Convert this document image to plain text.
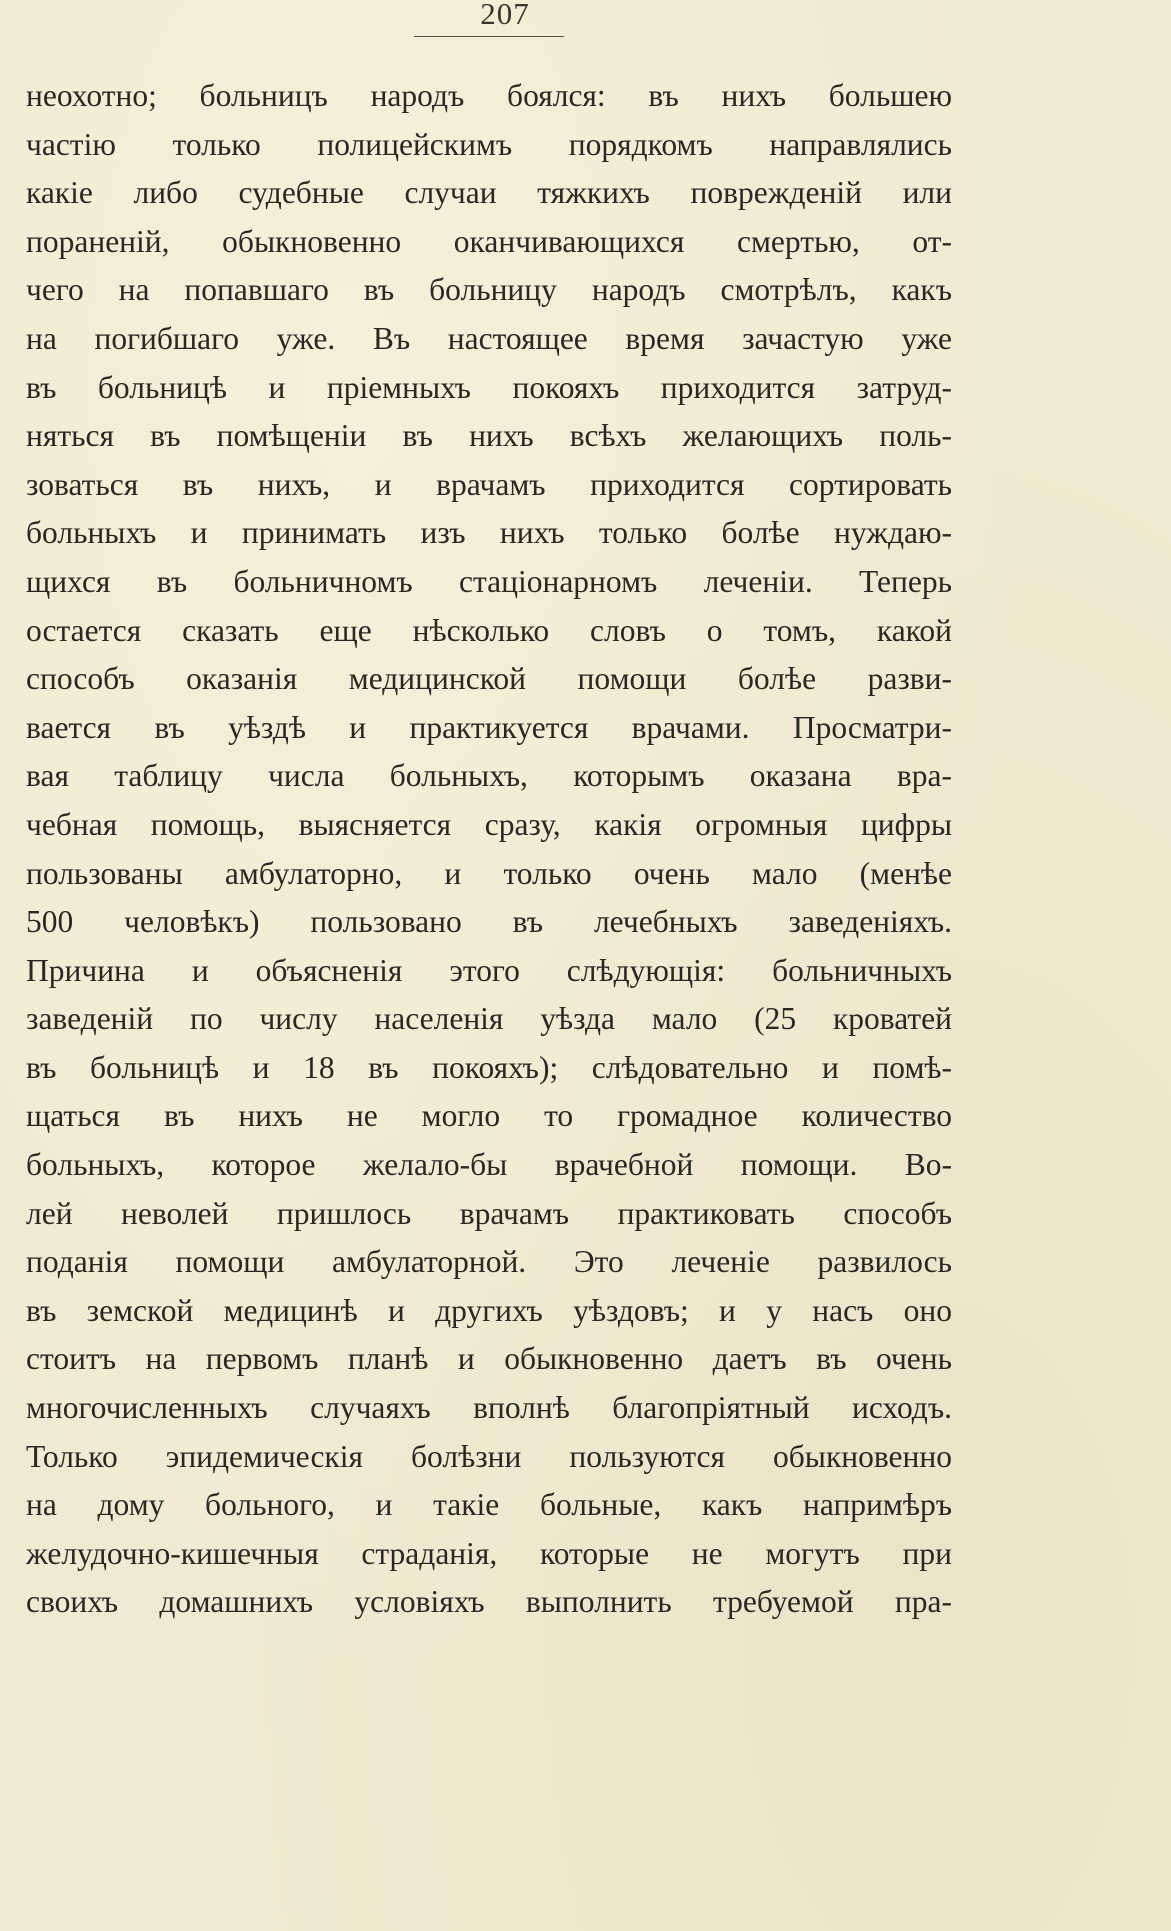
207
неохотно; больницъ народъ боялся: въ нихъ большею
частію только полицейскимъ порядкомъ направлялись
какіе либо судебные случаи тяжкихъ поврежденій или
пораненій, обыкновенно оканчивающихся смертью, от-
чего на попавшаго въ больницу народъ смотрѣлъ, какъ
на погибшаго уже. Въ настоящее время зачастую уже
въ больницѣ и пріемныхъ покояхъ приходится затруд-
няться въ помѣщеніи въ нихъ всѣхъ желающихъ поль-
зоваться въ нихъ, и врачамъ приходится сортировать
больныхъ и принимать изъ нихъ только болѣе нуждаю-
щихся въ больничномъ стаціонарномъ леченіи. Теперь
остается сказать еще нѣсколько словъ о томъ, какой
способъ оказанія медицинской помощи болѣе разви-
вается въ уѣздѣ и практикуется врачами. Просматри-
вая таблицу числа больныхъ, которымъ оказана вра-
чебная помощь, выясняется сразу, какія огромныя цифры
пользованы амбулаторно, и только очень мало (менѣе
500 человѣкъ) пользовано въ лечебныхъ заведеніяхъ.
Причина и объясненія этого слѣдующія: больничныхъ
заведеній по числу населенія уѣзда мало (25 кроватей
въ больницѣ и 18 въ покояхъ); слѣдовательно и помѣ-
щаться въ нихъ не могло то громадное количество
больныхъ, которое желало-бы врачебной помощи. Во-
лей неволей пришлось врачамъ практиковать способъ
поданія помощи амбулаторной. Это леченіе развилось
въ земской медицинѣ и другихъ уѣздовъ; и у насъ оно
стоитъ на первомъ планѣ и обыкновенно даетъ въ очень
многочисленныхъ случаяхъ вполнѣ благопріятный исходъ.
Только эпидемическія болѣзни пользуются обыкновенно
на дому больного, и такіе больные, какъ напримѣръ
желудочно-кишечныя страданія, которые не могутъ при
своихъ домашнихъ условіяхъ выполнить требуемой пра-
